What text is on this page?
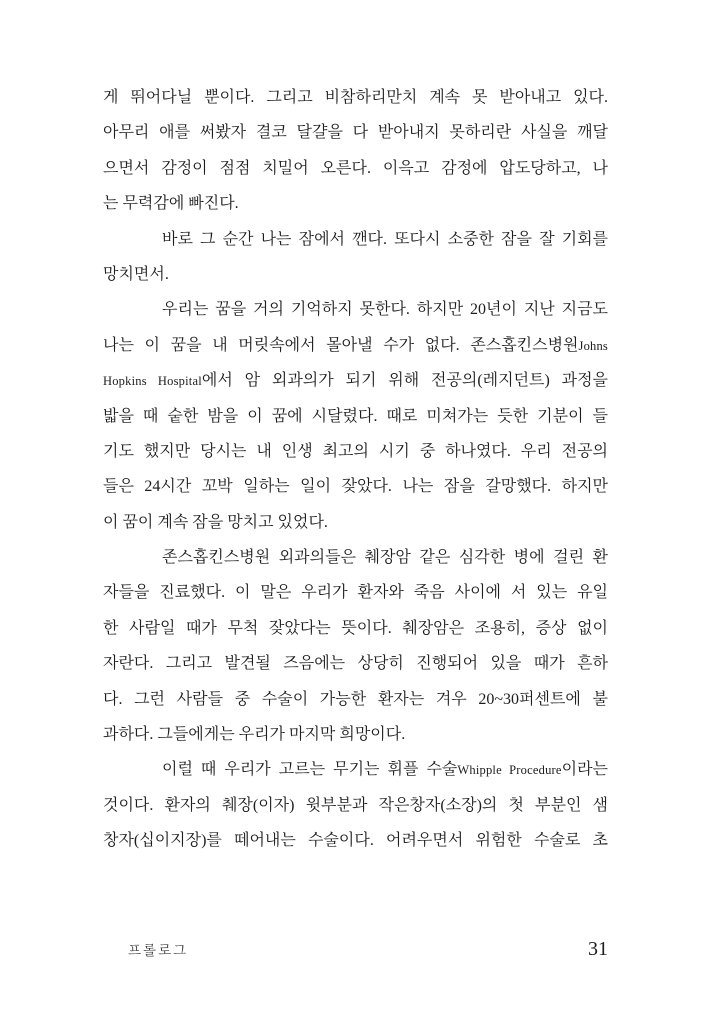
게 뛰어다닐 뿐이다. 그리고 비참하리만치 계속 못 받아내고 있다.
아무리 애를 써봤자 결코 달걀을 다 받아내지 못하리란 사실을 깨달
으면서 감정이 점점 치밀어 오른다. 이윽고 감정에 압도당하고, 나
는 무력감에 빠진다.
바로 그 순간 나는 잠에서 깬다. 또다시 소중한 잠을 잘 기회를
망치면서.
우리는 꿈을 거의 기억하지 못한다. 하지만 20년이 지난 지금도
나는 이 꿈을 내 머릿속에서 몰아낼 수가 없다. 존스홉킨스병원Johns
Hopkins Hospital에서 암 외과의가 되기 위해 전공의(레지던트) 과정을
밟을 때 숱한 밤을 이 꿈에 시달렸다. 때로 미쳐가는 듯한 기분이 들
기도 했지만 당시는 내 인생 최고의 시기 중 하나였다. 우리 전공의
들은 24시간 꼬박 일하는 일이 잦았다. 나는 잠을 갈망했다. 하지만
이 꿈이 계속 잠을 망치고 있었다.
존스홉킨스병원 외과의들은 췌장암 같은 심각한 병에 걸린 환
자들을 진료했다. 이 말은 우리가 환자와 죽음 사이에 서 있는 유일
한 사람일 때가 무척 잦았다는 뜻이다. 췌장암은 조용히, 증상 없이
자란다. 그리고 발견될 즈음에는 상당히 진행되어 있을 때가 흔하
다. 그런 사람들 중 수술이 가능한 환자는 겨우 20~30퍼센트에 불
과하다. 그들에게는 우리가 마지막 희망이다.
이럴 때 우리가 고르는 무기는 휘플 수술Whipple Procedure이라는
것이다. 환자의 췌장(이자) 윗부분과 작은창자(소장)의 첫 부분인 샘
창자(십이지장)를 떼어내는 수술이다. 어려우면서 위험한 수술로 초
프롤로그	31
